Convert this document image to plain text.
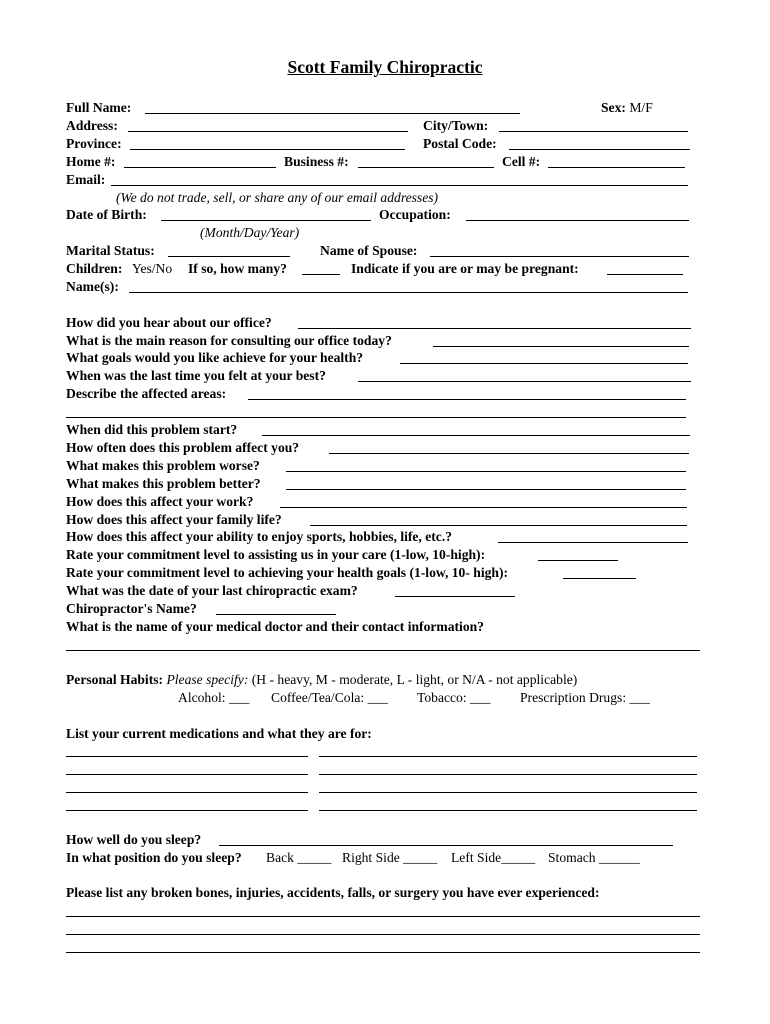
Scott Family Chiropractic
Full Name:	Sex: M/F
Address:	City/Town:
Province:	Postal Code:
Home #:	Business #:	Cell #:
Email:
(We do not trade, sell, or share any of our email addresses)
Date of Birth:	Occupation:
(Month/Day/Year)
Marital Status:	Name of Spouse:
Children: Yes/No If so, how many?	Indicate if you are or may be pregnant:
Name(s):
How did you hear about our office?
What is the main reason for consulting our office today?
What goals would you like achieve for your health?
When was the last time you felt at your best?
Describe the affected areas:
When did this problem start?
How often does this problem affect you?
What makes this problem worse?
What makes this problem better?
How does this affect your work?
How does this affect your family life?
How does this affect your ability to enjoy sports, hobbies, life, etc.?
Rate your commitment level to assisting us in your care (1-low, 10-high):
Rate your commitment level to achieving your health goals (1-low, 10- high):
What was the date of your last chiropractic exam?
Chiropractor's Name?
What is the name of your medical doctor and their contact information?
Personal Habits: Please specify: (H - heavy, M - moderate, L - light, or N/A - not applicable)
Alcohol: ___ Coffee/Tea/Cola: ___ Tobacco: ___ Prescription Drugs: ___
List your current medications and what they are for:
How well do you sleep?
In what position do you sleep? Back _____ Right Side _____ Left Side_____ Stomach ______
Please list any broken bones, injuries, accidents, falls, or surgery you have ever experienced:
